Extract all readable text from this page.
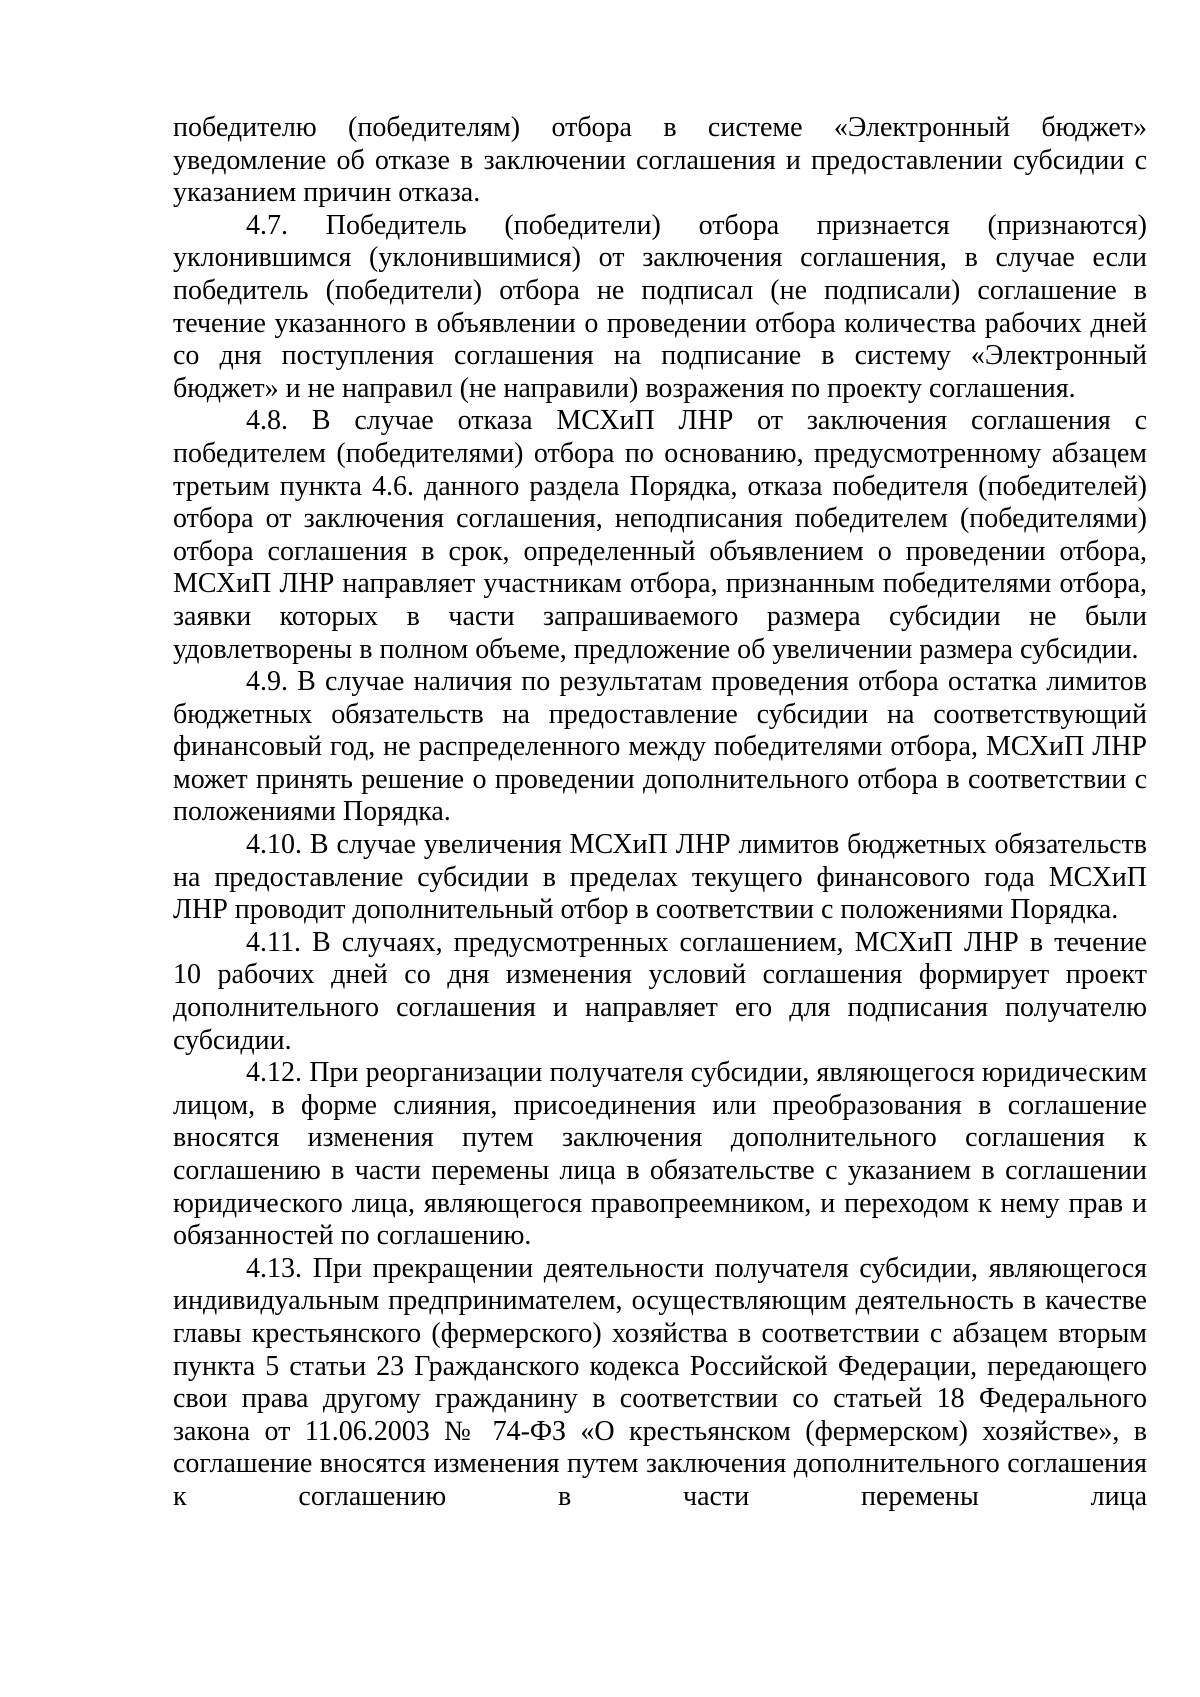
победителю (победителям) отбора в системе «Электронный бюджет» уведомление об отказе в заключении соглашения и предоставлении субсидии с указанием причин отказа.

4.7. Победитель (победители) отбора признается (признаются) уклонившимся (уклонившимися) от заключения соглашения, в случае если победитель (победители) отбора не подписал (не подписали) соглашение в течение указанного в объявлении о проведении отбора количества рабочих дней со дня поступления соглашения на подписание в систему «Электронный бюджет» и не направил (не направили) возражения по проекту соглашения.

4.8. В случае отказа МСХиП ЛНР от заключения соглашения с победителем (победителями) отбора по основанию, предусмотренному абзацем третьим пункта 4.6. данного раздела Порядка, отказа победителя (победителей) отбора от заключения соглашения, неподписания победителем (победителями) отбора соглашения в срок, определенный объявлением о проведении отбора, МСХиП ЛНР направляет участникам отбора, признанным победителями отбора, заявки которых в части запрашиваемого размера субсидии не были удовлетворены в полном объеме, предложение об увеличении размера субсидии.

4.9. В случае наличия по результатам проведения отбора остатка лимитов бюджетных обязательств на предоставление субсидии на соответствующий финансовый год, не распределенного между победителями отбора, МСХиП ЛНР может принять решение о проведении дополнительного отбора в соответствии с положениями Порядка.

4.10. В случае увеличения МСХиП ЛНР лимитов бюджетных обязательств на предоставление субсидии в пределах текущего финансового года МСХиП ЛНР проводит дополнительный отбор в соответствии с положениями Порядка.

4.11. В случаях, предусмотренных соглашением, МСХиП ЛНР в течение 10 рабочих дней со дня изменения условий соглашения формирует проект дополнительного соглашения и направляет его для подписания получателю субсидии.

4.12. При реорганизации получателя субсидии, являющегося юридическим лицом, в форме слияния, присоединения или преобразования в соглашение вносятся изменения путем заключения дополнительного соглашения к соглашению в части перемены лица в обязательстве с указанием в соглашении юридического лица, являющегося правопреемником, и переходом к нему прав и обязанностей по соглашению.

4.13. При прекращении деятельности получателя субсидии, являющегося индивидуальным предпринимателем, осуществляющим деятельность в качестве главы крестьянского (фермерского) хозяйства в соответствии с абзацем вторым пункта 5 статьи 23 Гражданского кодекса Российской Федерации, передающего свои права другому гражданину в соответствии со статьей 18 Федерального закона от 11.06.2003 № 74-ФЗ «О крестьянском (фермерском) хозяйстве», в соглашение вносятся изменения путем заключения дополнительного соглашения к соглашению в части перемены лица
